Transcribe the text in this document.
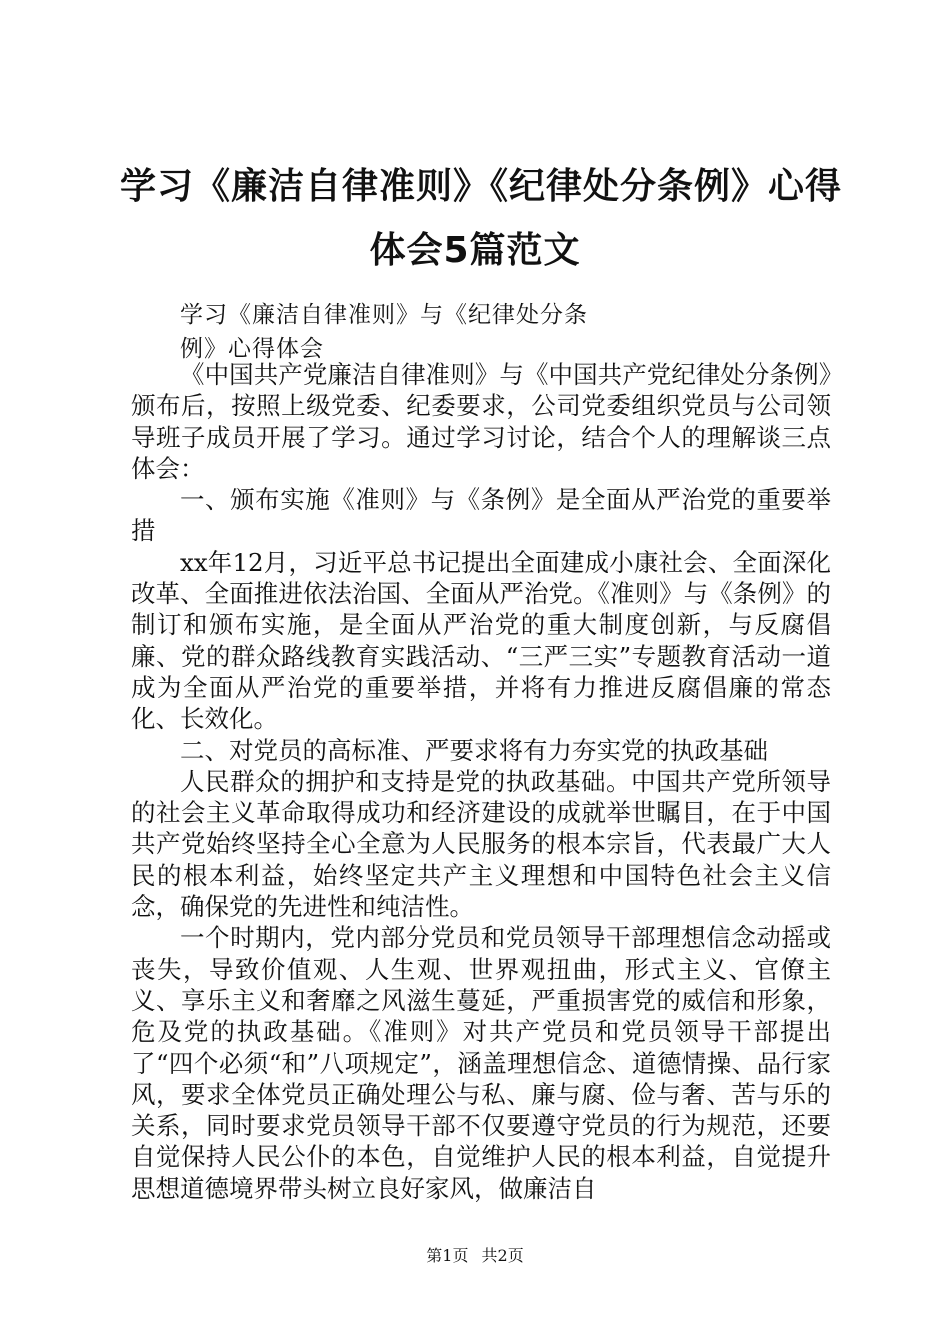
学习《廉洁自律准则》《纪律处分条例》心得
体会5篇范文
学习《廉洁自律准则》与《纪律处分条
例》心得体会

《中国共产党廉洁自律准则》与《中国共产党纪律处分条例》颁布后，按照上级党委、纪委要求，公司党委组织党员与公司领导班子成员开展了学习。通过学习讨论，结合个人的理解谈三点体会：

一、颁布实施《准则》与《条例》是全面从严治党的重要举措

xx年12月，习近平总书记提出全面建成小康社会、全面深化改革、全面推进依法治国、全面从严治党。《准则》与《条例》的制订和颁布实施，是全面从严治党的重大制度创新，与反腐倡廉、党的群众路线教育实践活动、“三严三实”专题教育活动一道成为全面从严治党的重要举措，并将有力推进反腐倡廉的常态化、长效化。

二、对党员的高标准、严要求将有力夯实党的执政基础

人民群众的拥护和支持是党的执政基础。中国共产党所领导的社会主义革命取得成功和经济建设的成就举世瞩目，在于中国共产党始终坚持全心全意为人民服务的根本宗旨，代表最广大人民的根本利益，始终坚定共产主义理想和中国特色社会主义信念，确保党的先进性和纯洁性。

一个时期内，党内部分党员和党员领导干部理想信念动摇或丧失，导致价值观、人生观、世界观扭曲，形式主义、官僚主义、享乐主义和奢靡之风滋生蔓延，严重损害党的威信和形象，危及党的执政基础。《准则》对共产党员和党员领导干部提出了“四个必须“和”八项规定”，涵盖理想信念、道德情操、品行家风，要求全体党员正确处理公与私、廉与腐、俭与奢、苦与乐的关系，同时要求党员领导干部不仅要遵守党员的行为规范，还要自觉保持人民公仆的本色，自觉维护人民的根本利益，自觉提升思想道德境界带头树立良好家风，做廉洁自

第1页 共2页
